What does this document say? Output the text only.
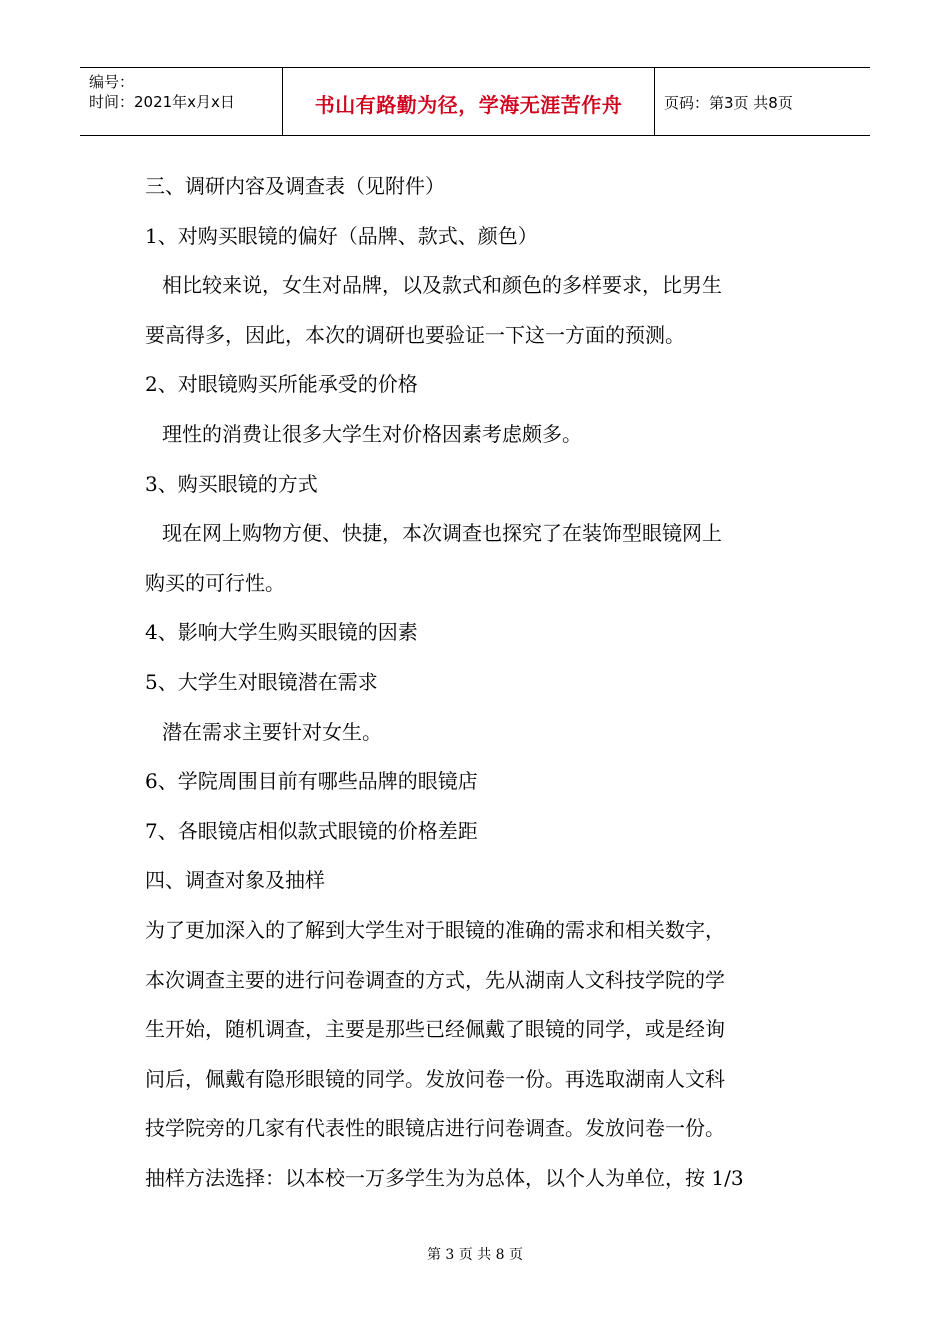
编号：
时间：2021年x月x日	书山有路勤为径，学海无涯苦作舟	页码：第3页 共8页
三、调研内容及调查表（见附件）
1、对购买眼镜的偏好（品牌、款式、颜色）
相比较来说，女生对品牌，以及款式和颜色的多样要求，比男生
要高得多，因此，本次的调研也要验证一下这一方面的预测。
2、对眼镜购买所能承受的价格
理性的消费让很多大学生对价格因素考虑颇多。
3、购买眼镜的方式
现在网上购物方便、快捷，本次调查也探究了在装饰型眼镜网上
购买的可行性。
4、影响大学生购买眼镜的因素
5、大学生对眼镜潜在需求
潜在需求主要针对女生。
6、学院周围目前有哪些品牌的眼镜店
7、各眼镜店相似款式眼镜的价格差距
四、调查对象及抽样
为了更加深入的了解到大学生对于眼镜的准确的需求和相关数字，
本次调查主要的进行问卷调查的方式，先从湖南人文科技学院的学
生开始，随机调查，主要是那些已经佩戴了眼镜的同学，或是经询
问后，佩戴有隐形眼镜的同学。发放问卷一份。再选取湖南人文科
技学院旁的几家有代表性的眼镜店进行问卷调查。发放问卷一份。
抽样方法选择：以本校一万多学生为为总体，以个人为单位，按 1/3
第 3 页 共 8 页
